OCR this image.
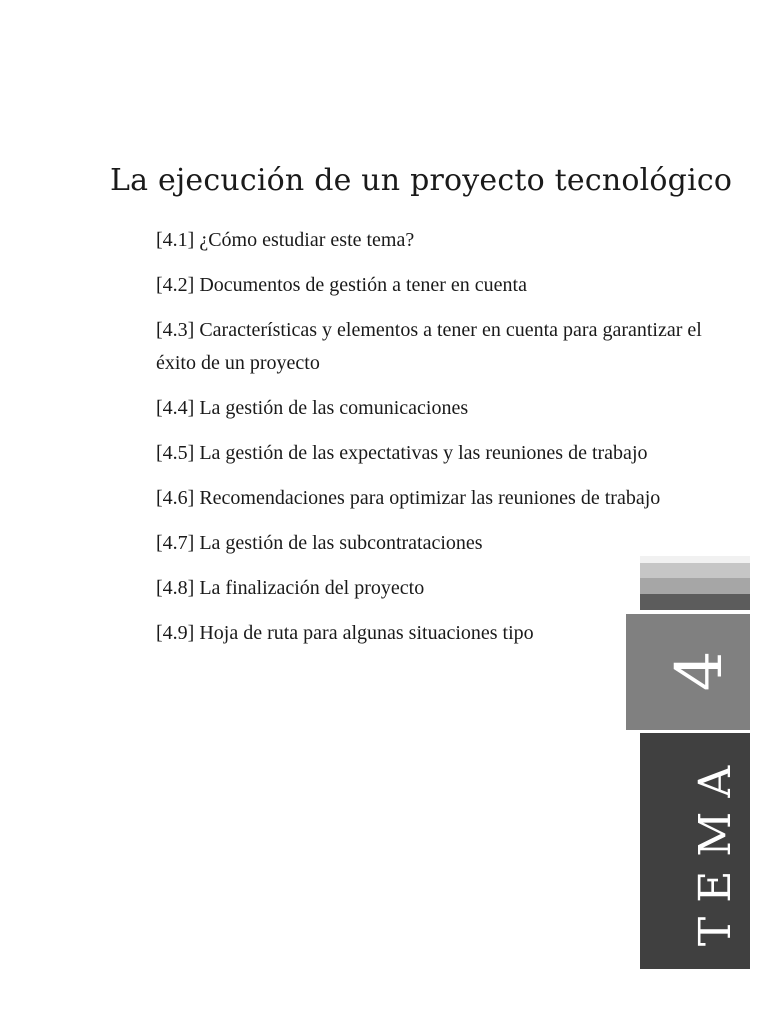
La ejecución de un proyecto tecnológico
[4.1] ¿Cómo estudiar este tema?
[4.2] Documentos de gestión a tener en cuenta
[4.3] Características y elementos a tener en cuenta para garantizar el éxito de un proyecto
[4.4] La gestión de las comunicaciones
[4.5] La gestión de las expectativas y las reuniones de trabajo
[4.6] Recomendaciones para optimizar las reuniones de trabajo
[4.7] La gestión de las subcontrataciones
[4.8] La finalización del proyecto
[4.9] Hoja de ruta para algunas situaciones tipo
4
TEMA
